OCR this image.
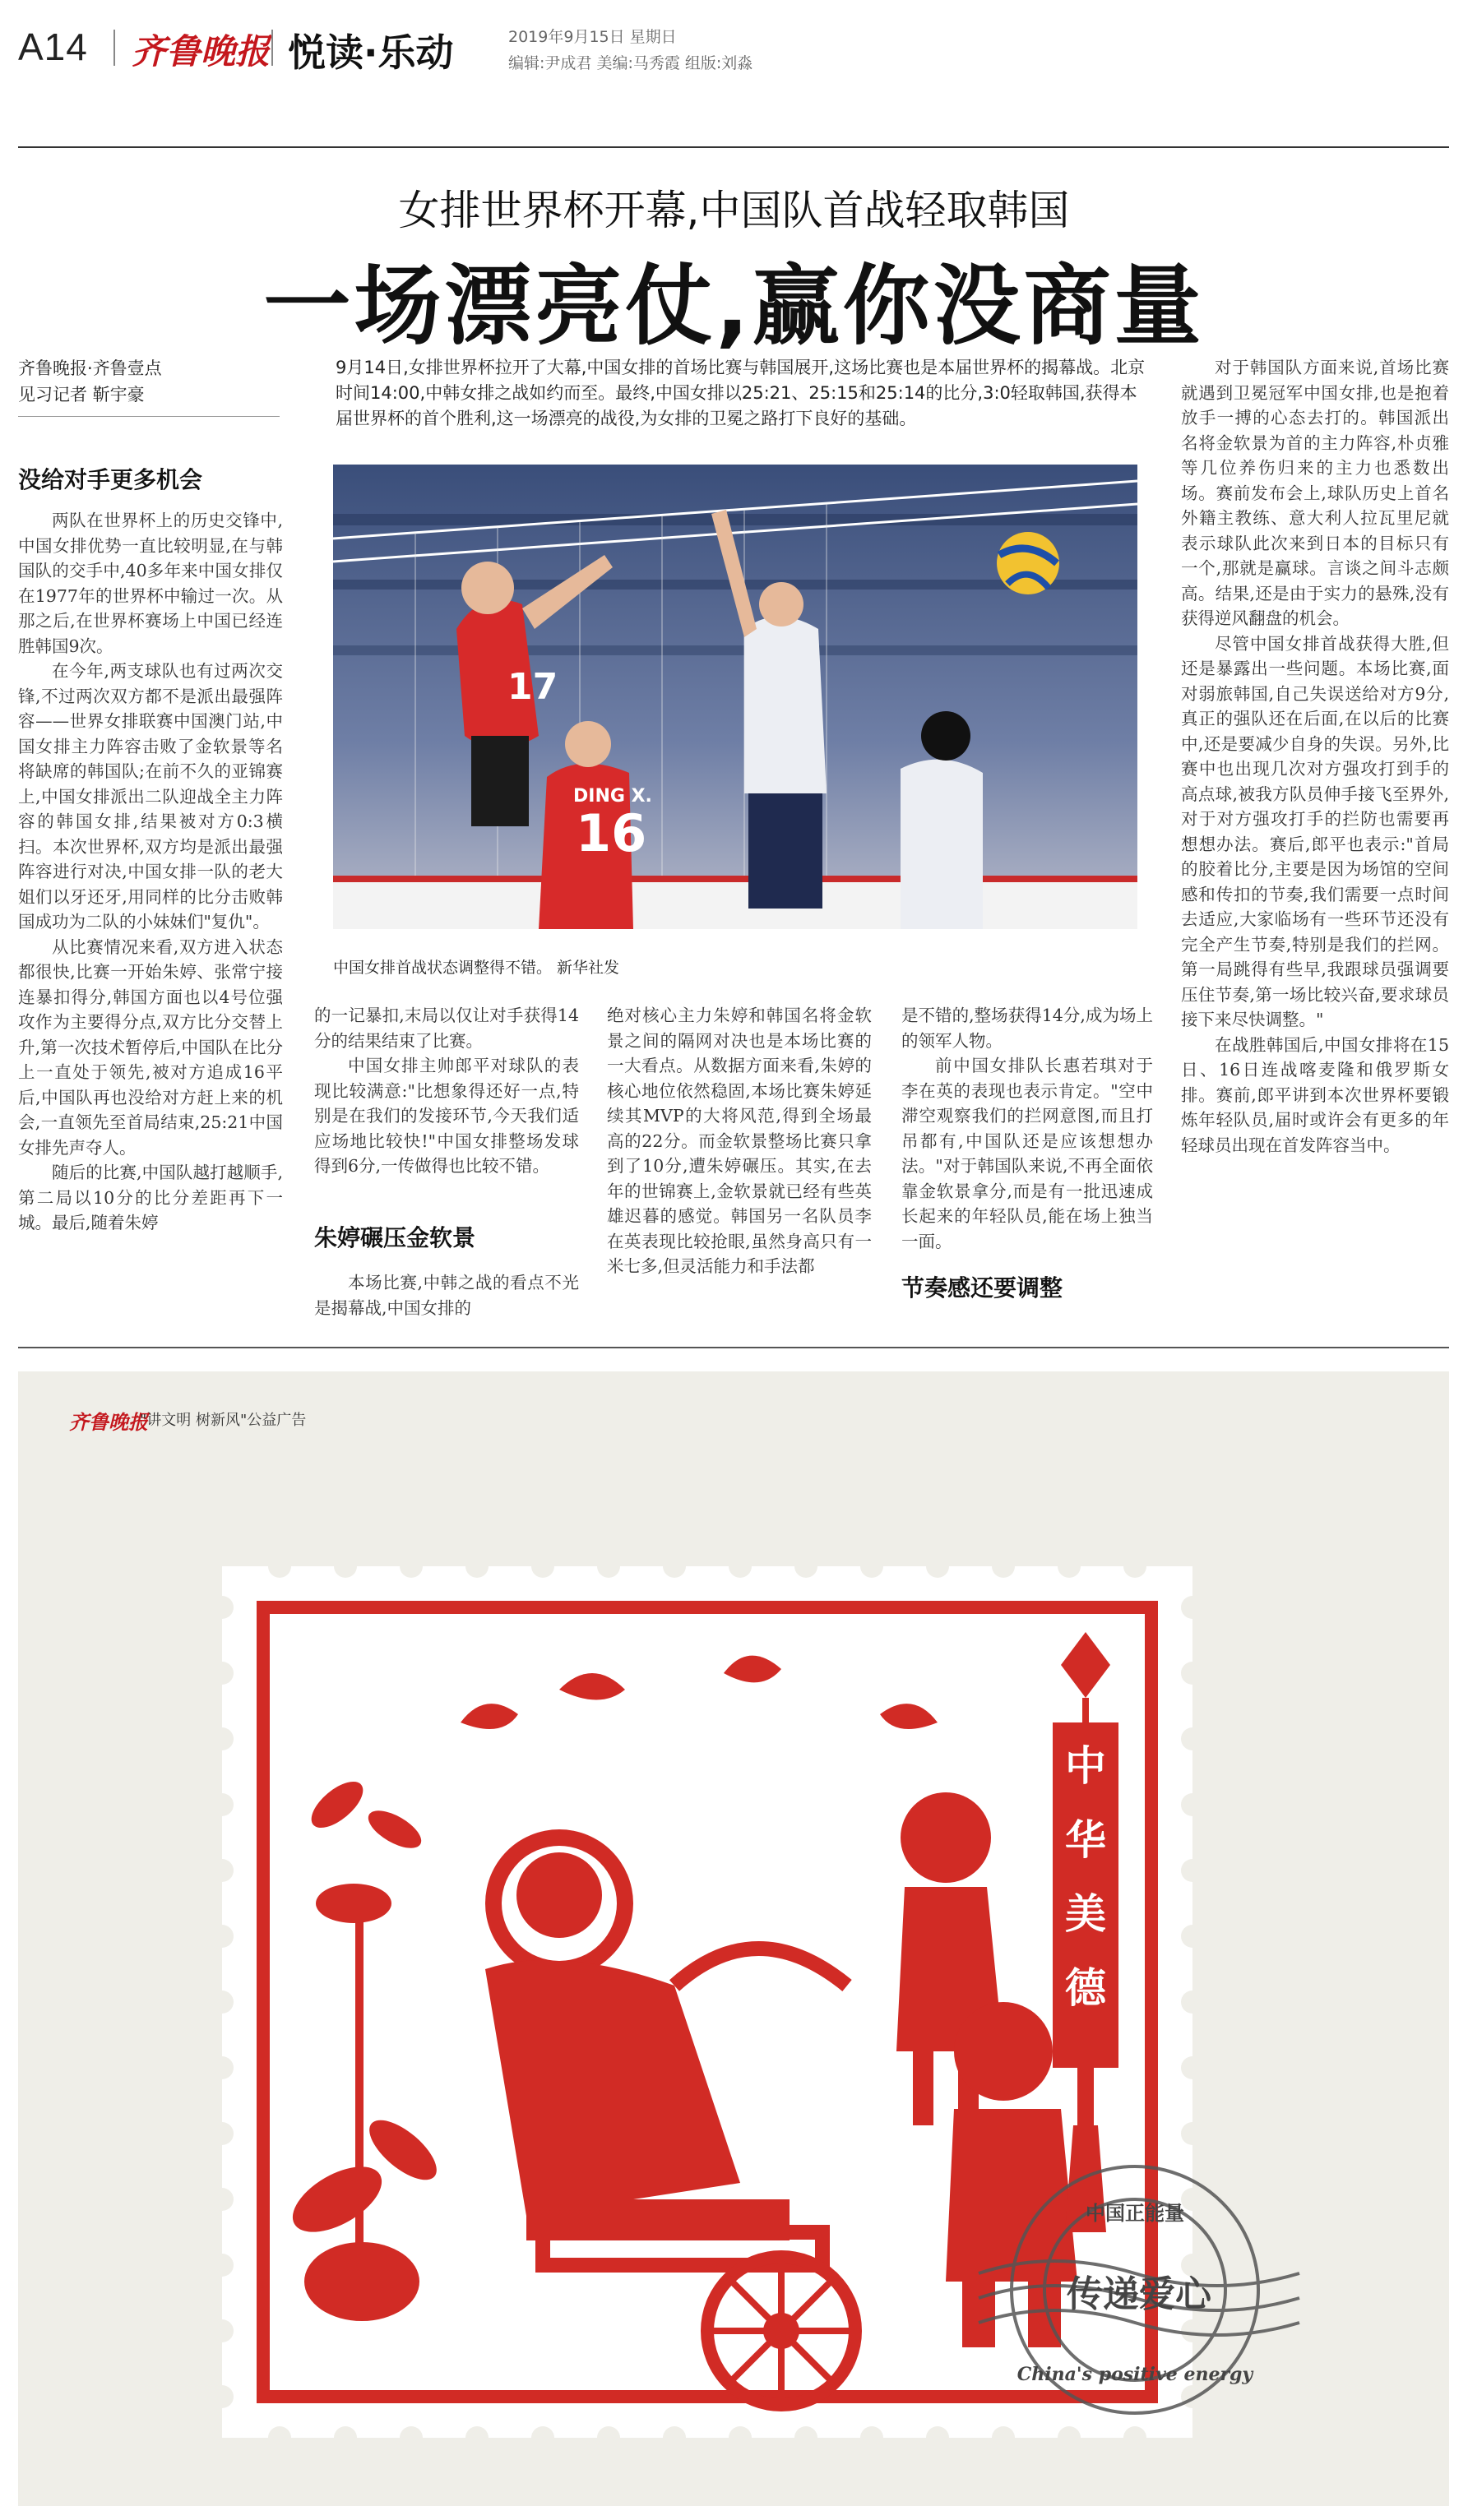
A14 齐鲁晚报 悦读·乐动	2019年9月15日 星期日
编辑:尹成君 美编:马秀霞 组版:刘淼
女排世界杯开幕,中国队首战轻取韩国
一场漂亮仗,赢你没商量
齐鲁晚报·齐鲁壹点
见习记者 靳宇豪
9月14日,女排世界杯拉开了大幕,中国女排的首场比赛与韩国展开,这场比赛也是本届世界杯的揭幕战。北京时间14:00,中韩女排之战如约而至。最终,中国女排以25:21、25:15和25:14的比分,3:0轻取韩国,获得本届世界杯的首个胜利,这一场漂亮的战役,为女排的卫冕之路打下良好的基础。
没给对手更多机会

两队在世界杯上的历史交锋中,中国女排优势一直比较明显,在与韩国队的交手中,40多年来中国女排仅在1977年的世界杯中输过一次。从那之后,在世界杯赛场上中国已经连胜韩国9次。

在今年,两支球队也有过两次交锋,不过两次双方都不是派出最强阵容——世界女排联赛中国澳门站,中国女排主力阵容击败了金软景等名将缺席的韩国队;在前不久的亚锦赛上,中国女排派出二队迎战全主力阵容的韩国女排,结果被对方0:3横扫。本次世界杯,双方均是派出最强阵容进行对决,中国女排一队的老大姐们以牙还牙,用同样的比分击败韩国成功为二队的小妹妹们"复仇"。

从比赛情况来看,双方进入状态都很快,比赛一开始朱婷、张常宁接连暴扣得分,韩国方面也以4号位强攻作为主要得分点,双方比分交替上升,第一次技术暂停后,中国队在比分上一直处于领先,被对方追成16平后,中国队再也没给对方赶上来的机会,一直领先至首局结束,25:21中国女排先声夺人。

随后的比赛,中国队越打越顺手,第二局以10分的比分差距再下一城。最后,随着朱婷

17
16
DING X.
中国女排首战状态调整得不错。 新华社发

的一记暴扣,末局以仅让对手获得14分的结果结束了比赛。

中国女排主帅郎平对球队的表现比较满意:"比想象得还好一点,特别是在我们的发接环节,今天我们适应场地比较快!"中国女排整场发球得到6分,一传做得也比较不错。

朱婷碾压金软景
本场比赛,中韩之战的看点不光是揭幕战,中国女排的
绝对核心主力朱婷和韩国名将金软景之间的隔网对决也是本场比赛的一大看点。从数据方面来看,朱婷的核心地位依然稳固,本场比赛朱婷延续其MVP的大将风范,得到全场最高的22分。而金软景整场比赛只拿到了10分,遭朱婷碾压。其实,在去年的世锦赛上,金软景就已经有些英雄迟暮的感觉。韩国另一名队员李在英表现比较抢眼,虽然身高只有一米七多,但灵活能力和手法都

是不错的,整场获得14分,成为场上的领军人物。

前中国女排队长惠若琪对于李在英的表现也表示肯定。"空中滞空观察我们的拦网意图,而且打吊都有,中国队还是应该想想办法。"对于韩国队来说,不再全面依靠金软景拿分,而是有一批迅速成长起来的年轻队员,能在场上独当一面。

节奏感还要调整

对于韩国队方面来说,首场比赛就遇到卫冕冠军中国女排,也是抱着放手一搏的心态去打的。韩国派出名将金软景为首的主力阵容,朴贞雅等几位养伤归来的主力也悉数出场。赛前发布会上,球队历史上首名外籍主教练、意大利人拉瓦里尼就表示球队此次来到日本的目标只有一个,那就是赢球。言谈之间斗志颇高。结果,还是由于实力的悬殊,没有获得逆风翻盘的机会。

尽管中国女排首战获得大胜,但还是暴露出一些问题。本场比赛,面对弱旅韩国,自己失误送给对方9分,真正的强队还在后面,在以后的比赛中,还是要减少自身的失误。另外,比赛中也出现几次对方强攻打到手的高点球,被我方队员伸手接飞至界外,对于对方强攻打手的拦防也需要再想想办法。赛后,郎平也表示:"首局的胶着比分,主要是因为场馆的空间感和传扣的节奏,我们需要一点时间去适应,大家临场有一些环节还没有完全产生节奏,特别是我们的拦网。第一局跳得有些早,我跟球员强调要压住节奏,第一场比较兴奋,要求球员接下来尽快调整。"

在战胜韩国后,中国女排将在15日、16日连战喀麦隆和俄罗斯女排。赛前,郎平讲到本次世界杯要锻炼年轻队员,届时或许会有更多的年轻球员出现在首发阵容当中。

齐鲁晚报
"讲文明 树新风"公益广告
中
华
美
德
中国正能量
传递爱心
China's positive energy
